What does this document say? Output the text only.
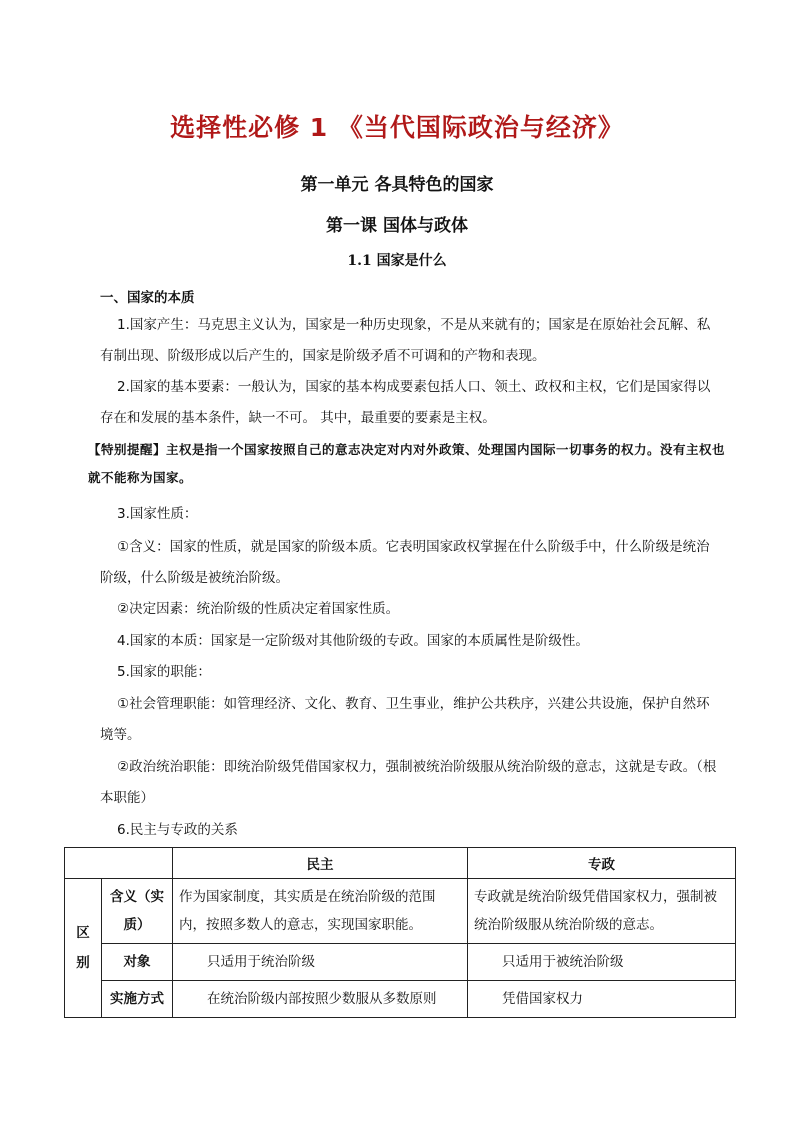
选择性必修 1 《当代国际政治与经济》
第一单元 各具特色的国家
第一课 国体与政体
1.1 国家是什么
一、国家的本质
1.国家产生：马克思主义认为，国家是一种历史现象，不是从来就有的；国家是在原始社会瓦解、私有制出现、阶级形成以后产生的，国家是阶级矛盾不可调和的产物和表现。
2.国家的基本要素：一般认为，国家的基本构成要素包括人口、领土、政权和主权，它们是国家得以存在和发展的基本条件，缺一不可。 其中，最重要的要素是主权。
【特别提醒】主权是指一个国家按照自己的意志决定对内对外政策、处理国内国际一切事务的权力。没有主权也就不能称为国家。
3.国家性质：
①含义：国家的性质，就是国家的阶级本质。它表明国家政权掌握在什么阶级手中，什么阶级是统治阶级，什么阶级是被统治阶级。
②决定因素：统治阶级的性质决定着国家性质。
4.国家的本质：国家是一定阶级对其他阶级的专政。国家的本质属性是阶级性。
5.国家的职能：
①社会管理职能：如管理经济、文化、教育、卫生事业，维护公共秩序，兴建公共设施，保护自然环境等。
②政治统治职能：即统治阶级凭借国家权力，强制被统治阶级服从统治阶级的意志，这就是专政。（根本职能）
6.民主与专政的关系
		民主	专政
区别	含义（实质）	作为国家制度，其实质是在统治阶级的范围内，按照多数人的意志，实现国家职能。	专政就是统治阶级凭借国家权力，强制被统治阶级服从统治阶级的意志。
	对象	只适用于统治阶级	只适用于被统治阶级
	实施方式	在统治阶级内部按照少数服从多数原则	凭借国家权力
